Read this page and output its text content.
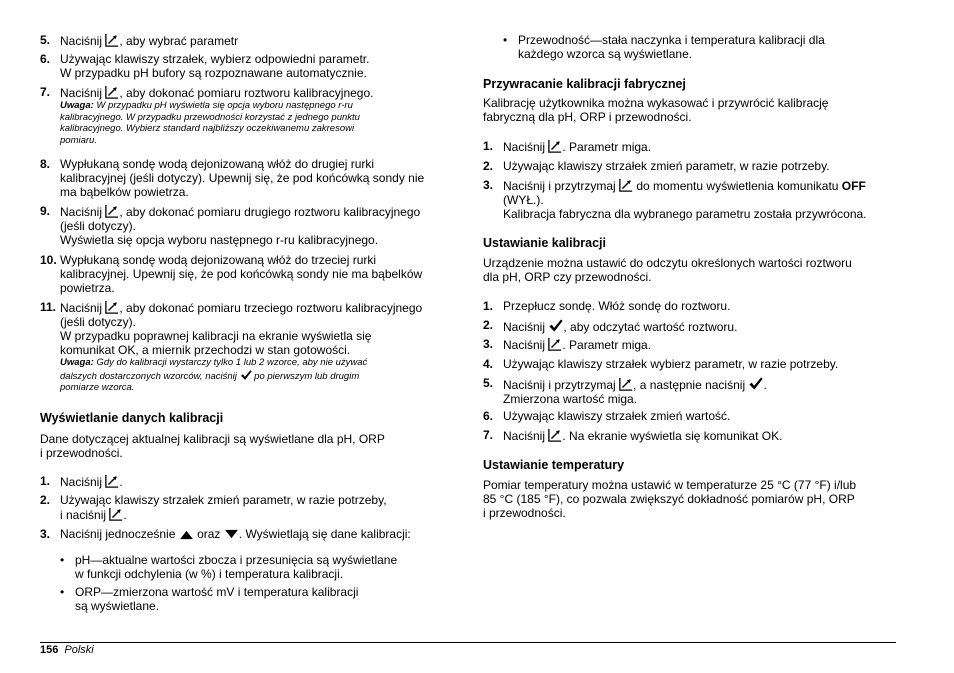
5. Naciśnij , aby wybrać parametr
6. Używając klawiszy strzałek, wybierz odpowiedni parametr.
W przypadku pH bufory są rozpoznawane automatycznie.
7. Naciśnij , aby dokonać pomiaru roztworu kalibracyjnego.
Uwaga: W przypadku pH wyświetla się opcja wyboru następnego r-ru
kalibracyjnego. W przypadku przewodności korzystać z jednego punktu
kalibracyjnego. Wybierz standard najbliższy oczekiwanemu zakresowi
pomiaru.
8. Wypłukaną sondę wodą dejonizowaną włóż do drugiej rurki
kalibracyjnej (jeśli dotyczy). Upewnij się, że pod końcówką sondy nie
ma bąbelków powietrza.
9. Naciśnij , aby dokonać pomiaru drugiego roztworu kalibracyjnego
(jeśli dotyczy).
Wyświetla się opcja wyboru następnego r-ru kalibracyjnego.
10. Wypłukaną sondę wodą dejonizowaną włóż do trzeciej rurki
kalibracyjnej. Upewnij się, że pod końcówką sondy nie ma bąbelków
powietrza.
11. Naciśnij , aby dokonać pomiaru trzeciego roztworu kalibracyjnego
(jeśli dotyczy).
W przypadku poprawnej kalibracji na ekranie wyświetla się
komunikat OK, a miernik przechodzi w stan gotowości.
Uwaga: Gdy do kalibracji wystarczy tylko 1 lub 2 wzorce, aby nie używać
dalszych dostarczonych wzorców, naciśnij  po pierwszym lub drugim
pomiarze wzorca.
Wyświetlanie danych kalibracji
Dane dotyczącej aktualnej kalibracji są wyświetlane dla pH, ORP
i przewodności.
1. Naciśnij .
2. Używając klawiszy strzałek zmień parametr, w razie potrzeby,
i naciśnij .
3. Naciśnij jednocześnie  oraz . Wyświetlają się dane kalibracji:
• pH—aktualne wartości zbocza i przesunięcia są wyświetlane
w funkcji odchylenia (w %) i temperatura kalibracji.
• ORP—zmierzona wartość mV i temperatura kalibracji
są wyświetlane.
• Przewodność—stała naczynka i temperatura kalibracji dla
każdego wzorca są wyświetlane.
Przywracanie kalibracji fabrycznej
Kalibrację użytkownika można wykasować i przywrócić kalibrację
fabryczną dla pH, ORP i przewodności.
1. Naciśnij . Parametr miga.
2. Używając klawiszy strzałek zmień parametr, w razie potrzeby.
3. Naciśnij i przytrzymaj  do momentu wyświetlenia komunikatu OFF
(WYŁ.).
Kalibracja fabryczna dla wybranego parametru została przywrócona.
Ustawianie kalibracji
Urządzenie można ustawić do odczytu określonych wartości roztworu
dla pH, ORP czy przewodności.
1. Przepłucz sondę. Włóż sondę do roztworu.
2. Naciśnij , aby odczytać wartość roztworu.
3. Naciśnij . Parametr miga.
4. Używając klawiszy strzałek wybierz parametr, w razie potrzeby.
5. Naciśnij i przytrzymaj , a następnie naciśnij .
Zmierzona wartość miga.
6. Używając klawiszy strzałek zmień wartość.
7. Naciśnij . Na ekranie wyświetla się komunikat OK.
Ustawianie temperatury
Pomiar temperatury można ustawić w temperaturze 25 °C (77 °F) i/lub
85 °C (185 °F), co pozwala zwiększyć dokładność pomiarów pH, ORP
i przewodności.
156 Polski
